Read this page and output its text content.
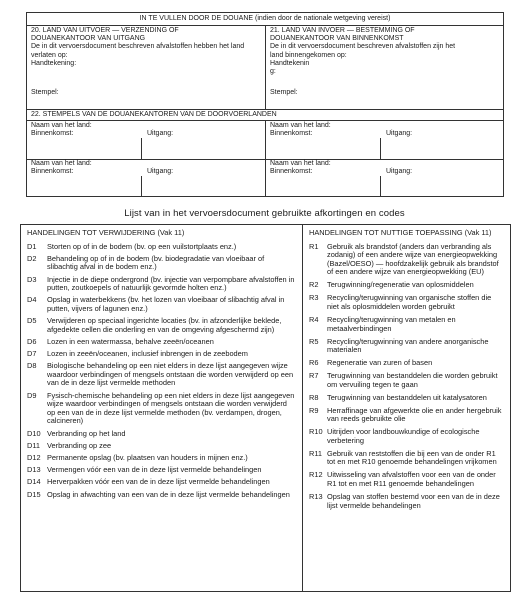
IN TE VULLEN DOOR DE DOUANE (indien door de nationale wetgeving vereist)
20. LAND VAN UITVOER — VERZENDING OF
DOUANEKANTOOR VAN UITGANG
De in dit vervoersdocument beschreven afvalstoffen hebben het land
verlaten op:
Handtekening:
Stempel:
21. LAND VAN INVOER — BESTEMMING OF
DOUANEKANTOOR VAN BINNENKOMST
De in dit vervoersdocument beschreven afvalstoffen zijn het
land binnengekomen op:
Handtekenin
g:
Stempel:
22. STEMPELS VAN DE DOUANEKANTOREN VAN DE DOORVOERLANDEN
Naam van het land:
Binnenkomst:	Uitgang:
Naam van het land:
Binnenkomst:	Uitgang:
Naam van het land:
Binnenkomst:	Uitgang:
Naam van het land:
Binnenkomst:	Uitgang:
Lijst van in het vervoersdocument gebruikte afkortingen en codes
HANDELINGEN TOT VERWIJDERING (Vak 11)
D1 Storten op of in de bodem (bv. op een vuilstortplaats enz.)
D2 Behandeling op of in de bodem (bv. biodegradatie van vloeibaar of slibachtig afval in de bodem enz.)
D3 Injectie in de diepe ondergrond (bv. injectie van verpompbare afvalstoffen in putten, zoutkoepels of natuurlijk gevormde holten enz.)
D4 Opslag in waterbekkens (bv. het lozen van vloeibaar of slibachtig afval in putten, vijvers of lagunen enz.)
D5 Verwijderen op speciaal ingerichte locaties (bv. in afzonderlijke beklede, afgedekte cellen die onderling en van de omgeving afgeschermd zijn)
D6 Lozen in een watermassa, behalve zeeën/oceanen
D7 Lozen in zeeën/oceanen, inclusief inbrengen in de zeebodem
D8 Biologische behandeling op een niet elders in deze lijst aangegeven wijze waardoor verbindingen of mengsels ontstaan die worden verwijderd op een van de in deze lijst vermelde methoden
D9 Fysisch-chemische behandeling op een niet elders in deze lijst aangegeven wijze waardoor verbindingen of mengsels ontstaan die worden verwijderd op een van de in deze lijst vermelde methoden (bv. verdampen, drogen, calcineren)
D10 Verbranding op het land
D11 Verbranding op zee
D12 Permanente opslag (bv. plaatsen van houders in mijnen enz.)
D13 Vermengen vóór een van de in deze lijst vermelde behandelingen
D14 Herverpakken vóór een van de in deze lijst vermelde behandelingen
D15 Opslag in afwachting van een van de in deze lijst vermelde behandelingen
HANDELINGEN TOT NUTTIGE TOEPASSING (Vak 11)
R1 Gebruik als brandstof (anders dan verbranding als zodanig) of een andere wijze van energieopwekking (Bazel/OESO) — hoofdzakelijk gebruik als brandstof of een andere wijze van energieopwekking (EU)
R2 Terugwinning/regeneratie van oplosmiddelen
R3 Recycling/terugwinning van organische stoffen die niet als oplosmiddelen worden gebruikt
R4 Recycling/terugwinning van metalen en metaalverbindingen
R5 Recycling/terugwinning van andere anorganische materialen
R6 Regeneratie van zuren of basen
R7 Terugwinning van bestanddelen die worden gebruikt om vervuiling tegen te gaan
R8 Terugwinning van bestanddelen uit katalysatoren
R9 Herraffinage van afgewerkte olie en ander hergebruik van reeds gebruikte olie
R10 Uitrijden voor landbouwkundige of ecologische verbetering
R11 Gebruik van reststoffen die bij een van de onder R1 tot en met R10 genoemde behandelingen vrijkomen
R12 Uitwisseling van afvalstoffen voor een van de onder R1 tot en met R11 genoemde behandelingen
R13 Opslag van stoffen bestemd voor een van de in deze lijst vermelde behandelingen
